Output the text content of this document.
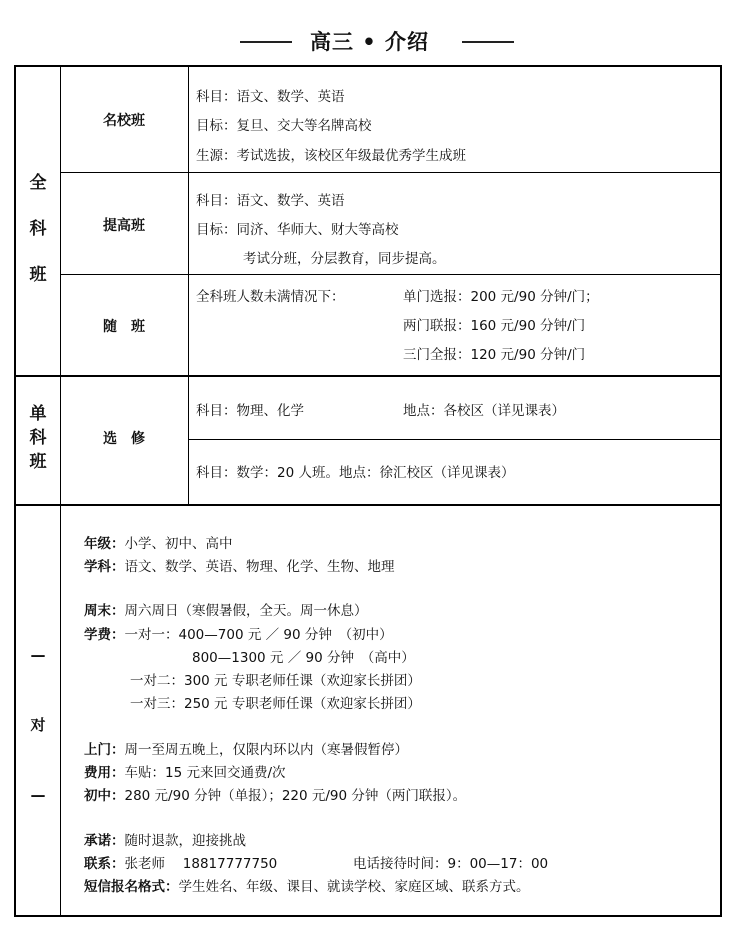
高三 • 介绍
全
科
班
名校班
科目：语文、数学、英语
目标：复旦、交大等名牌高校
生源：考试选拔，该校区年级最优秀学生成班
提高班
科目：语文、数学、英语
目标：同济、华师大、财大等高校
考试分班，分层教育，同步提高。
随　班
全科班人数未满情况下：	单门选报：200 元/90 分钟/门；
两门联报：160 元/90 分钟/门
三门全报：120 元/90 分钟/门
单
科
班
选　修
科目：物理、化学	地点：各校区（详见课表）
科目：数学：20 人班。地点：徐汇校区（详见课表）
—
对
—
年级：小学、初中、高中
学科：语文、数学、英语、物理、化学、生物、地理
周末：周六周日（寒假暑假，全天。周一休息）
学费：一对一：400—700 元 ／ 90 分钟　（初中）
800—1300 元 ／ 90 分钟　（高中）
一对二：300 元 专职老师任课（欢迎家长拼团）
一对三：250 元 专职老师任课（欢迎家长拼团）
上门：周一至周五晚上，仅限内环以内（寒暑假暂停）
费用：车贴：15 元来回交通费/次
初中：280 元/90 分钟（单报）；220 元/90 分钟（两门联报）。
承诺：随时退款，迎接挑战
联系：张老师　 18817777750	电话接待时间：9：00—17：00
短信报名格式：学生姓名、年级、课目、就读学校、家庭区域、联系方式。
